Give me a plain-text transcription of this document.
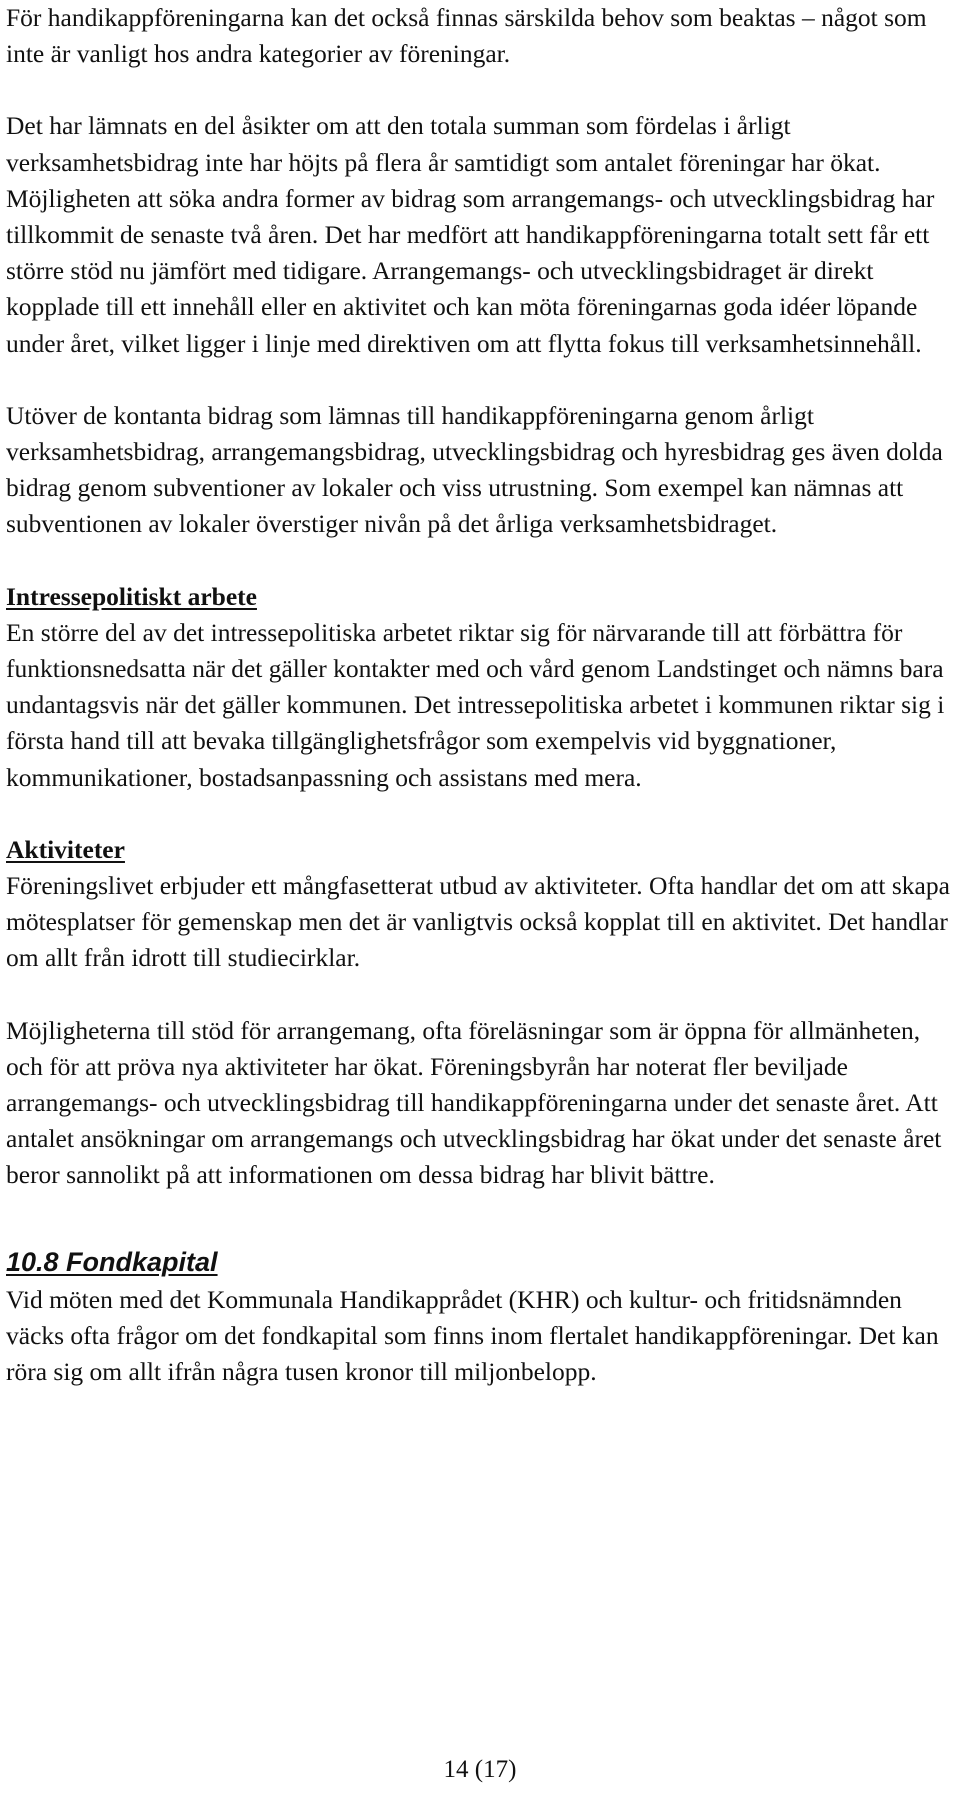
För handikappföreningarna kan det också finnas särskilda behov som beaktas – något som inte är vanligt hos andra kategorier av föreningar.

Det har lämnats en del åsikter om att den totala summan som fördelas i årligt verksamhetsbidrag inte har höjts på flera år samtidigt som antalet föreningar har ökat. Möjligheten att söka andra former av bidrag som arrangemangs- och utvecklingsbidrag har tillkommit de senaste två åren. Det har medfört att handikappföreningarna totalt sett får ett större stöd nu jämfört med tidigare. Arrangemangs- och utvecklingsbidraget är direkt kopplade till ett innehåll eller en aktivitet och kan möta föreningarnas goda idéer löpande under året, vilket ligger i linje med direktiven om att flytta fokus till verksamhetsinnehåll.

Utöver de kontanta bidrag som lämnas till handikappföreningarna genom årligt verksamhetsbidrag, arrangemangsbidrag, utvecklingsbidrag och hyresbidrag ges även dolda bidrag genom subventioner av lokaler och viss utrustning. Som exempel kan nämnas att subventionen av lokaler överstiger nivån på det årliga verksamhetsbidraget.

Intressepolitiskt arbete

En större del av det intressepolitiska arbetet riktar sig för närvarande till att förbättra för funktionsnedsatta när det gäller kontakter med och vård genom Landstinget och nämns bara undantagsvis när det gäller kommunen. Det intressepolitiska arbetet i kommunen riktar sig i första hand till att bevaka tillgänglighetsfrågor som exempelvis vid byggnationer, kommunikationer, bostadsanpassning och assistans med mera.

Aktiviteter

Föreningslivet erbjuder ett mångfasetterat utbud av aktiviteter. Ofta handlar det om att skapa mötesplatser för gemenskap men det är vanligtvis också kopplat till en aktivitet. Det handlar om allt från idrott till studiecirklar.

Möjligheterna till stöd för arrangemang, ofta föreläsningar som är öppna för allmänheten, och för att pröva nya aktiviteter har ökat. Föreningsbyrån har noterat fler beviljade arrangemangs- och utvecklingsbidrag till handikappföreningarna under det senaste året. Att antalet ansökningar om arrangemangs och utvecklingsbidrag har ökat under det senaste året beror sannolikt på att informationen om dessa bidrag har blivit bättre.

10.8 Fondkapital

Vid möten med det Kommunala Handikapprådet (KHR) och kultur- och fritidsnämnden väcks ofta frågor om det fondkapital som finns inom flertalet handikappföreningar. Det kan röra sig om allt ifrån några tusen kronor till miljonbelopp.

14 (17)
